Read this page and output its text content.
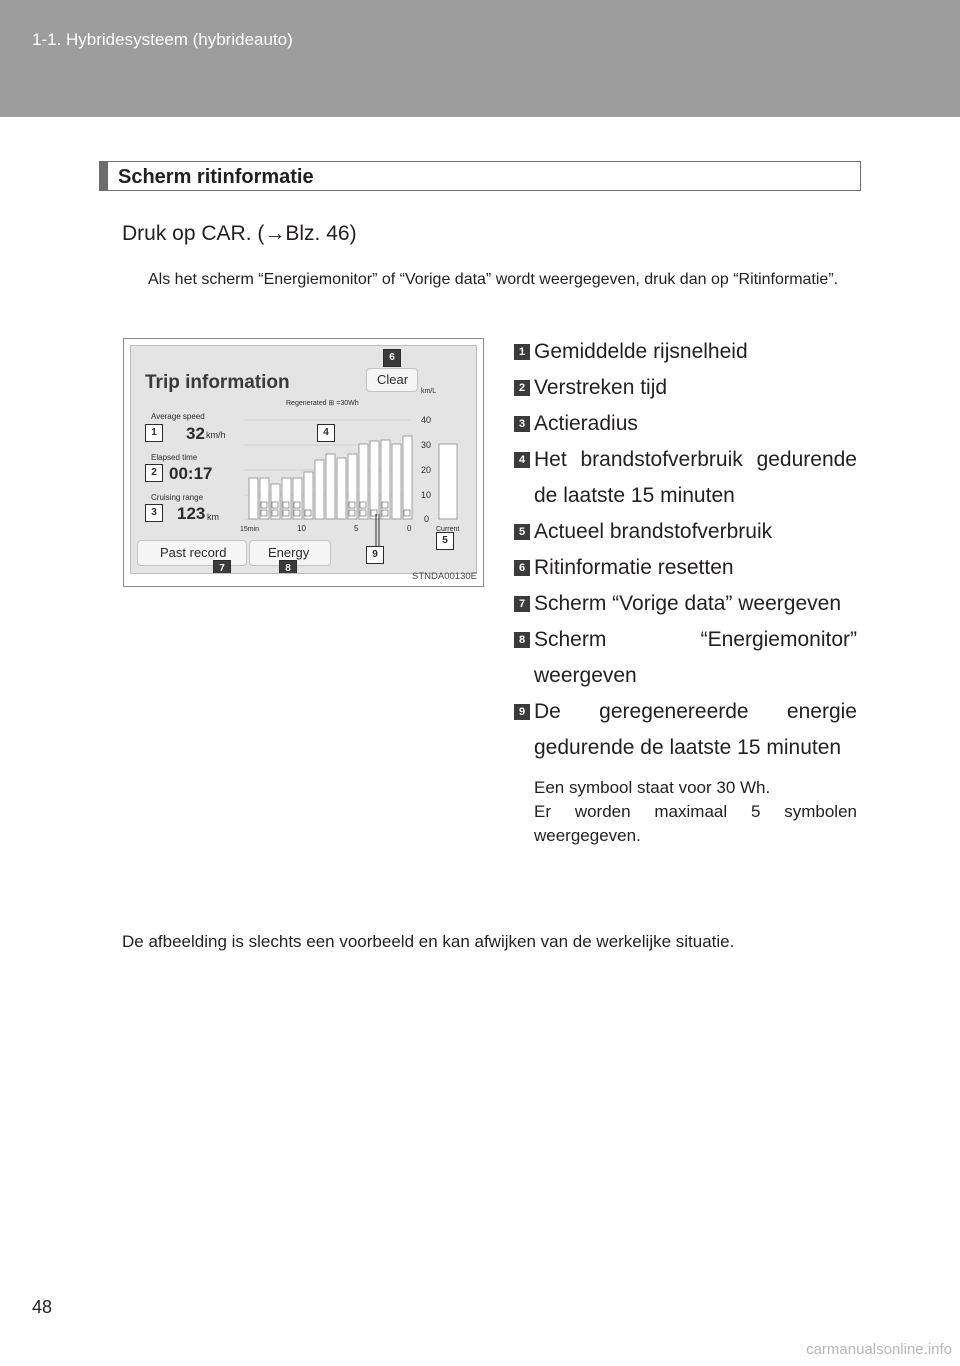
1-1. Hybridesysteem (hybrideauto)
Scherm ritinformatie
Druk op CAR. (→Blz. 46)
Als het scherm “Energiemonitor” of “Vorige data” wordt weergegeven, druk dan op “Ritinformatie”.
Trip information	Clear
Regenerated ⊞ =30Wh
km/L
Average speed
32 km/h
Elapsed time
00:17
Cruising range
123 km
40
30
20
10
0
15min	10	5	0	Current
Past record	Energy
1
2
3
4
5
6
7	8
9
STNDA00130E
1 Gemiddelde rijsnelheid
2 Verstreken tijd
3 Actieradius
4 Het brandstofverbruik gedurende de laatste 15 minuten
5 Actueel brandstofverbruik
6 Ritinformatie resetten
7 Scherm “Vorige data” weergeven
8 Scherm “Energiemonitor” weergeven
9 De geregenereerde energie gedurende de laatste 15 minuten
Een symbool staat voor 30 Wh.
Er worden maximaal 5 symbolen weergegeven.
De afbeelding is slechts een voorbeeld en kan afwijken van de werkelijke situatie.
48
carmanualsonline.info
